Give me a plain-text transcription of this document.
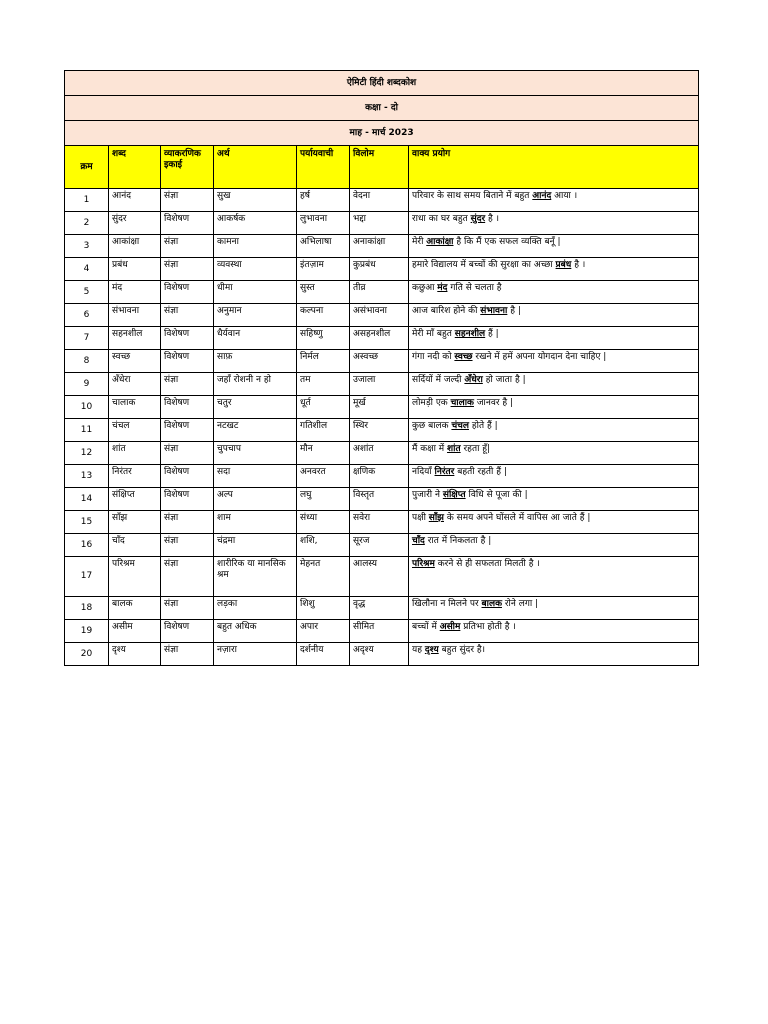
ऐमिटी हिंदी शब्दकोश						
कक्षा - दो						
माह - मार्च 2023						
क्रम	शब्द	व्याकरणिक इकाई	अर्थ	पर्यायवाची	विलोम	वाक्य प्रयोग
1	आनंद	संज्ञा	सुख	हर्ष	वेदना	परिवार के साथ समय बिताने में बहुत आनंद आया ।
2	सुंदर	विशेषण	आकर्षक	लुभावना	भद्दा	राधा का घर बहुत सुंदर है ।
3	आकांक्षा	संज्ञा	कामना	अभिलाषा	अनाकांक्षा	मेरी आकांक्षा है कि मैं एक सफल व्यक्ति बनूँ |
4	प्रबंध	संज्ञा	व्यवस्था	इंतज़ाम	कुप्रबंध	हमारे विद्यालय में बच्चों की सुरक्षा का अच्छा प्रबंध है ।
5	मंद	विशेषण	धीमा	सुस्त	तीव्र	कछुआ मंद गति से चलता है
6	संभावना	संज्ञा	अनुमान	कल्पना	असंभावना	आज बारिश होने की संभावना है |
7	सहनशील	विशेषण	धैर्यवान	सहिष्णु	असहनशील	मेरी माँ बहुत सहनशील हैं |
8	स्वच्छ	विशेषण	साफ़	निर्मल	अस्वच्छ	गंगा नदी को स्वच्छ रखने में हमें अपना योगदान देना चाहिए |
9	अँधेरा	संज्ञा	जहाँ रोशनी न हो	तम	उजाला	सर्दियों में जल्दी अँधेरा हो जाता है |
10	चालाक	विशेषण	चतुर	धूर्त	मूर्ख	लोमड़ी एक चालाक जानवर है |
11	चंचल	विशेषण	नटखट	गतिशील	स्थिर	कुछ बालक चंचल होते हैं |
12	शांत	संज्ञा	चुपचाप	मौन	अशांत	मैं कक्षा में शांत रहता हूँ|
13	निरंतर	विशेषण	सदा	अनवरत	क्षणिक	नदियाँ निरंतर बहती रहती हैं |
14	संक्षिप्त	विशेषण	अल्प	लघु	विस्तृत	पुजारी ने संक्षिप्त विधि से पूजा की |
15	साँझ	संज्ञा	शाम	संध्या	सवेरा	पक्षी साँझ के समय अपने घोंसले में वापिस आ जाते हैं |
16	चाँद	संज्ञा	चंद्रमा	शशि,	सूरज	चाँद रात में निकलता है |
17	परिश्रम	संज्ञा	शारीरिक या मानसिक श्रम	मेहनत	आलस्य	परिश्रम करने से ही सफलता मिलती है ।
18	बालक	संज्ञा	लड़का	शिशु	वृद्ध	खिलौना न मिलने पर बालक रोने लगा |
19	असीम	विशेषण	बहुत अधिक	अपार	सीमित	बच्चों में असीम प्रतिभा होती है ।
20	दृश्य	संज्ञा	नज़ारा	दर्शनीय	अदृश्य	यह दृश्य बहुत सुंदर है।
